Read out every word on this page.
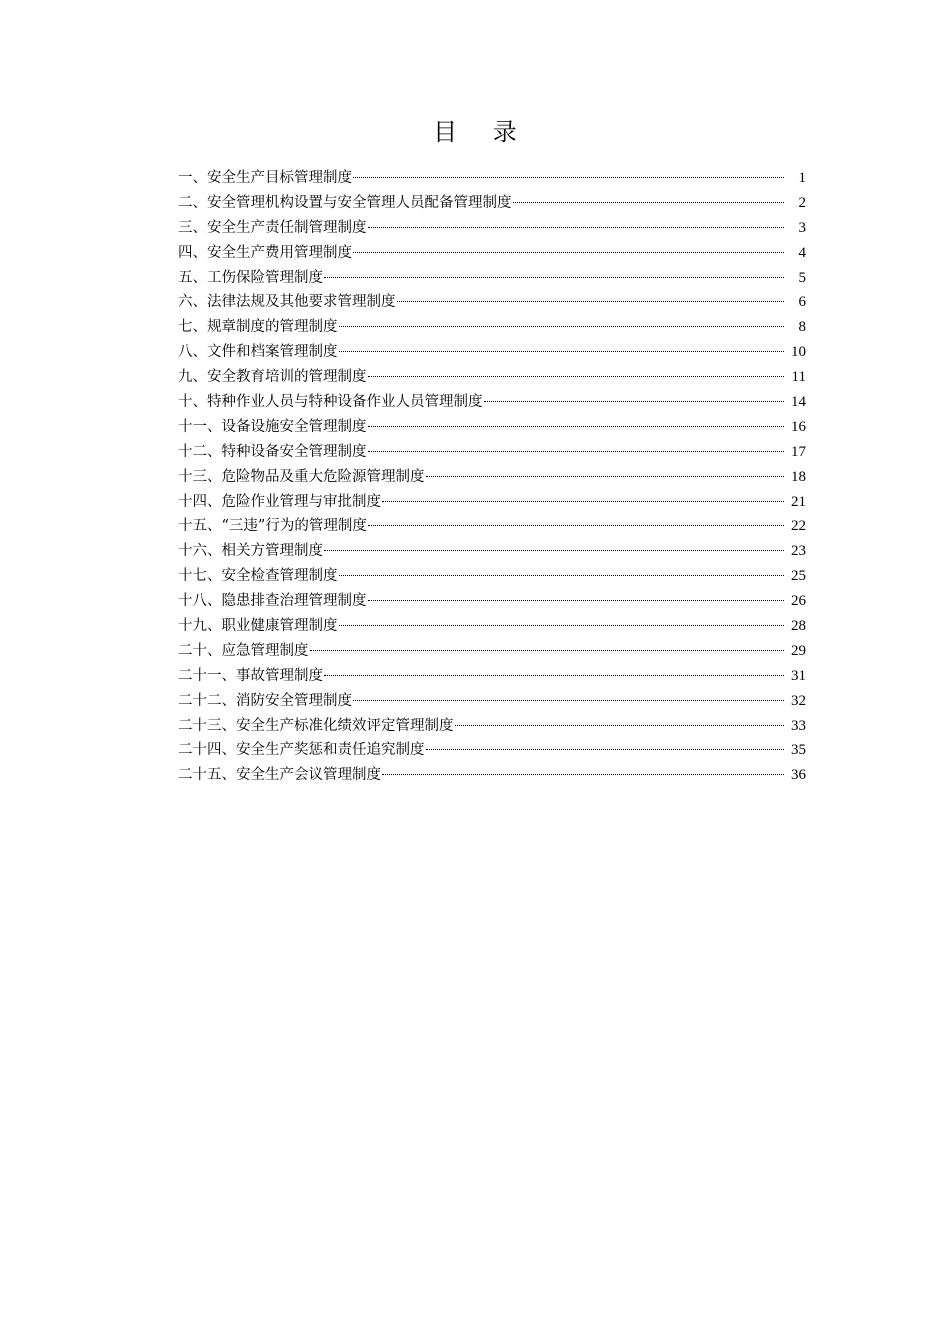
目 录
一、安全生产目标管理制度	1
二、安全管理机构设置与安全管理人员配备管理制度	2
三、安全生产责任制管理制度	3
四、安全生产费用管理制度	4
五、工伤保险管理制度	5
六、法律法规及其他要求管理制度	6
七、规章制度的管理制度	8
八、文件和档案管理制度	10
九、安全教育培训的管理制度	11
十、特种作业人员与特种设备作业人员管理制度	14
十一、设备设施安全管理制度	16
十二、特种设备安全管理制度	17
十三、危险物品及重大危险源管理制度	18
十四、危险作业管理与审批制度	21
十五、“三违”行为的管理制度	22
十六、相关方管理制度	23
十七、安全检查管理制度	25
十八、隐患排查治理管理制度	26
十九、职业健康管理制度	28
二十、应急管理制度	29
二十一、事故管理制度	31
二十二、消防安全管理制度	32
二十三、安全生产标准化绩效评定管理制度	33
二十四、安全生产奖惩和责任追究制度	35
二十五、安全生产会议管理制度	36
